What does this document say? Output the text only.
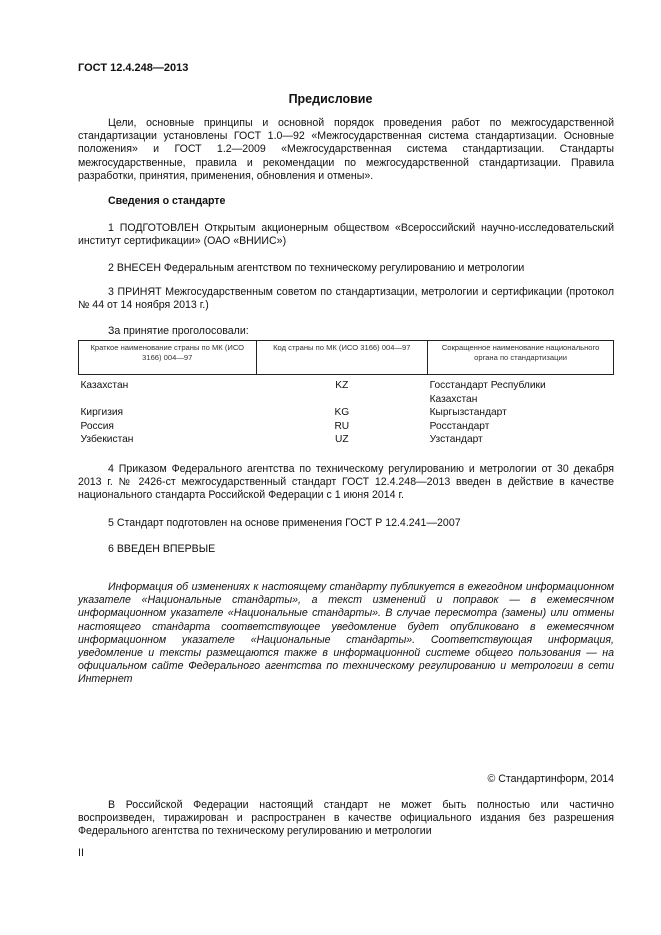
ГОСТ 12.4.248—2013
Предисловие
Цели, основные принципы и основной порядок проведения работ по межгосударственной стандартизации установлены ГОСТ 1.0—92 «Межгосударственная система стандартизации. Основные положения» и ГОСТ 1.2—2009 «Межгосударственная система стандартизации. Стандарты межгосударственные, правила и рекомендации по межгосударственной стандартизации. Правила разработки, принятия, применения, обновления и отмены».
Сведения о стандарте
1 ПОДГОТОВЛЕН Открытым акционерным обществом «Всероссийский научно-исследовательский институт сертификации» (ОАО «ВНИИС»)
2 ВНЕСЕН Федеральным агентством по техническому регулированию и метрологии
3 ПРИНЯТ Межгосударственным советом по стандартизации, метрологии и сертификации (протокол № 44 от 14 ноября 2013 г.)
За принятие проголосовали:
Краткое наименование страны по МК (ИСО 3166) 004—97	Код страны по МК (ИСО 3166) 004—97	Сокращенное наименование национального органа по стандартизации
Казахстан	KZ	Госстандарт Республики Казахстан
Киргизия	KG	Кыргызстандарт
Россия	RU	Росстандарт
Узбекистан	UZ	Узстандарт
4 Приказом Федерального агентства по техническому регулированию и метрологии от 30 декабря 2013 г. № 2426-ст межгосударственный стандарт ГОСТ 12.4.248—2013 введен в действие в качестве национального стандарта Российской Федерации с 1 июня 2014 г.
5 Стандарт подготовлен на основе применения ГОСТ Р 12.4.241—2007
6 ВВЕДЕН ВПЕРВЫЕ
Информация об изменениях к настоящему стандарту публикуется в ежегодном информационном указателе «Национальные стандарты», а текст изменений и поправок — в ежемесячном информационном указателе «Национальные стандарты». В случае пересмотра (замены) или отмены настоящего стандарта соответствующее уведомление будет опубликовано в ежемесячном информационном указателе «Национальные стандарты». Соответствующая информация, уведомление и тексты размещаются также в информационной системе общего пользования — на официальном сайте Федерального агентства по техническому регулированию и метрологии в сети Интернет
© Стандартинформ, 2014
В Российской Федерации настоящий стандарт не может быть полностью или частично воспроизведен, тиражирован и распространен в качестве официального издания без разрешения Федерального агентства по техническому регулированию и метрологии
II
